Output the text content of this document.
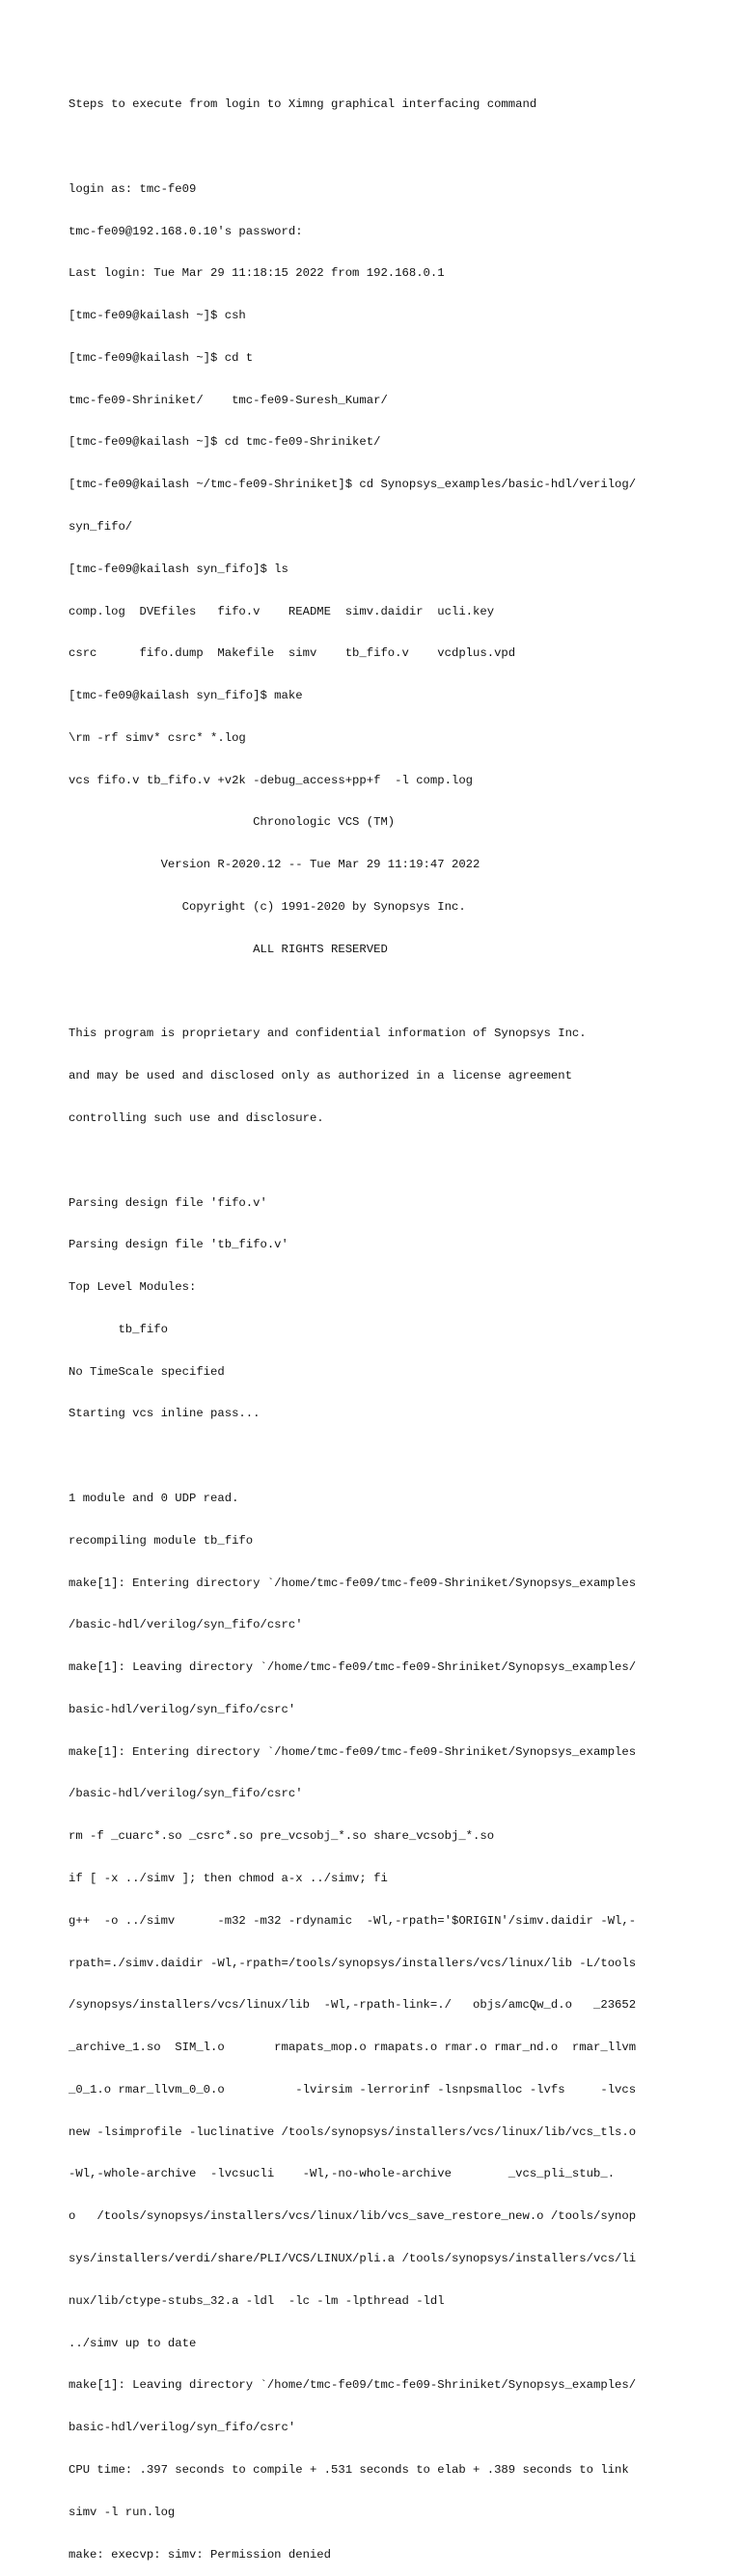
Steps to execute from login to Ximng graphical interfacing command

login as: tmc-fe09

tmc-fe09@192.168.0.10's password:

Last login: Tue Mar 29 11:18:15 2022 from 192.168.0.1

[tmc-fe09@kailash ~]$ csh

[tmc-fe09@kailash ~]$ cd t

tmc-fe09-Shriniket/    tmc-fe09-Suresh_Kumar/

[tmc-fe09@kailash ~]$ cd tmc-fe09-Shriniket/

[tmc-fe09@kailash ~/tmc-fe09-Shriniket]$ cd Synopsys_examples/basic-hdl/verilog/

syn_fifo/

[tmc-fe09@kailash syn_fifo]$ ls

comp.log  DVEfiles   fifo.v    README  simv.daidir  ucli.key

csrc      fifo.dump  Makefile  simv    tb_fifo.v    vcdplus.vpd

[tmc-fe09@kailash syn_fifo]$ make

\rm -rf simv* csrc* *.log

vcs fifo.v tb_fifo.v +v2k -debug_access+pp+f  -l comp.log

Chronologic VCS (TM)

Version R-2020.12 -- Tue Mar 29 11:19:47 2022

Copyright (c) 1991-2020 by Synopsys Inc.

ALL RIGHTS RESERVED

This program is proprietary and confidential information of Synopsys Inc.

and may be used and disclosed only as authorized in a license agreement

controlling such use and disclosure.

Parsing design file 'fifo.v'

Parsing design file 'tb_fifo.v'

Top Level Modules:

tb_fifo

No TimeScale specified

Starting vcs inline pass...

1 module and 0 UDP read.

recompiling module tb_fifo

make[1]: Entering directory `/home/tmc-fe09/tmc-fe09-Shriniket/Synopsys_examples

/basic-hdl/verilog/syn_fifo/csrc'

make[1]: Leaving directory `/home/tmc-fe09/tmc-fe09-Shriniket/Synopsys_examples/

basic-hdl/verilog/syn_fifo/csrc'

make[1]: Entering directory `/home/tmc-fe09/tmc-fe09-Shriniket/Synopsys_examples

/basic-hdl/verilog/syn_fifo/csrc'

rm -f _cuarc*.so _csrc*.so pre_vcsobj_*.so share_vcsobj_*.so

if [ -x ../simv ]; then chmod a-x ../simv; fi

g++  -o ../simv      -m32 -m32 -rdynamic  -Wl,-rpath='$ORIGIN'/simv.daidir -Wl,-

rpath=./simv.daidir -Wl,-rpath=/tools/synopsys/installers/vcs/linux/lib -L/tools

/synopsys/installers/vcs/linux/lib  -Wl,-rpath-link=./   objs/amcQw_d.o   _23652

_archive_1.so  SIM_l.o       rmapats_mop.o rmapats.o rmar.o rmar_nd.o  rmar_llvm

_0_1.o rmar_llvm_0_0.o          -lvirsim -lerrorinf -lsnpsmalloc -lvfs     -lvcs

new -lsimprofile -luclinative /tools/synopsys/installers/vcs/linux/lib/vcs_tls.o

-Wl,-whole-archive  -lvcsucli    -Wl,-no-whole-archive        _vcs_pli_stub_.

o   /tools/synopsys/installers/vcs/linux/lib/vcs_save_restore_new.o /tools/synop

sys/installers/verdi/share/PLI/VCS/LINUX/pli.a /tools/synopsys/installers/vcs/li

nux/lib/ctype-stubs_32.a -ldl  -lc -lm -lpthread -ldl

../simv up to date

make[1]: Leaving directory `/home/tmc-fe09/tmc-fe09-Shriniket/Synopsys_examples/

basic-hdl/verilog/syn_fifo/csrc'

CPU time: .397 seconds to compile + .531 seconds to elab + .389 seconds to link

simv -l run.log

make: execvp: simv: Permission denied
